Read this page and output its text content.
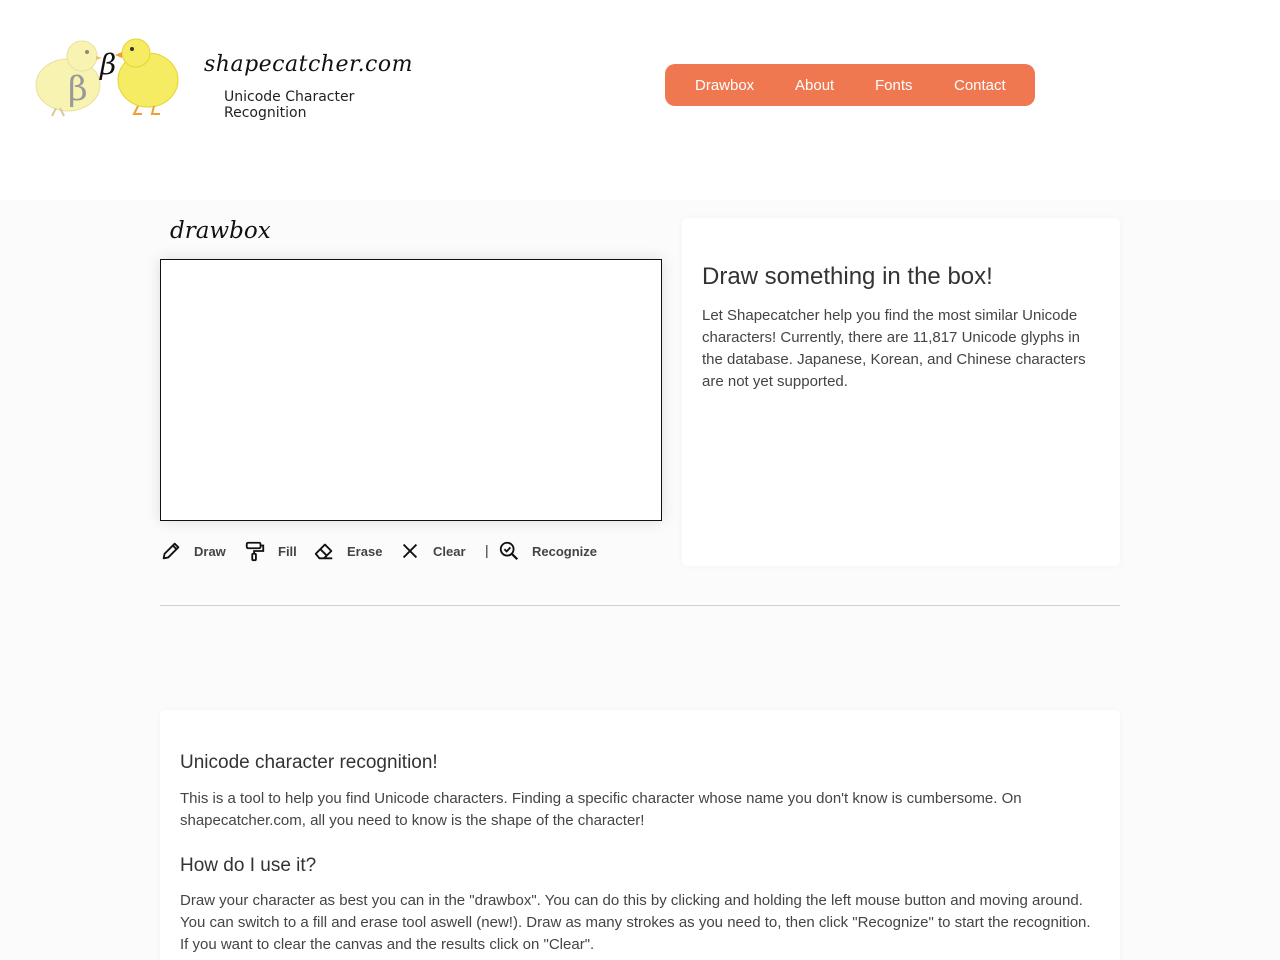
β
β	shapecatcher.com
Unicode Character Recognition
Drawbox	About	Fonts	Contact
drawbox
Draw	Fill	Erase	Clear |	Recognize
Draw something in the box!

Let Shapecatcher help you find the most similar Unicode characters! Currently, there are 11,817 Unicode glyphs in the database. Japanese, Korean, and Chinese characters are not yet supported.

Unicode character recognition!

This is a tool to help you find Unicode characters. Finding a specific character whose name you don't know is cumbersome. On shapecatcher.com, all you need to know is the shape of the character!

How do I use it?

Draw your character as best you can in the "drawbox". You can do this by clicking and holding the left mouse button and moving around. You can switch to a fill and erase tool aswell (new!). Draw as many strokes as you need to, then click "Recognize" to start the recognition. If you want to clear the canvas and the results click on "Clear".
